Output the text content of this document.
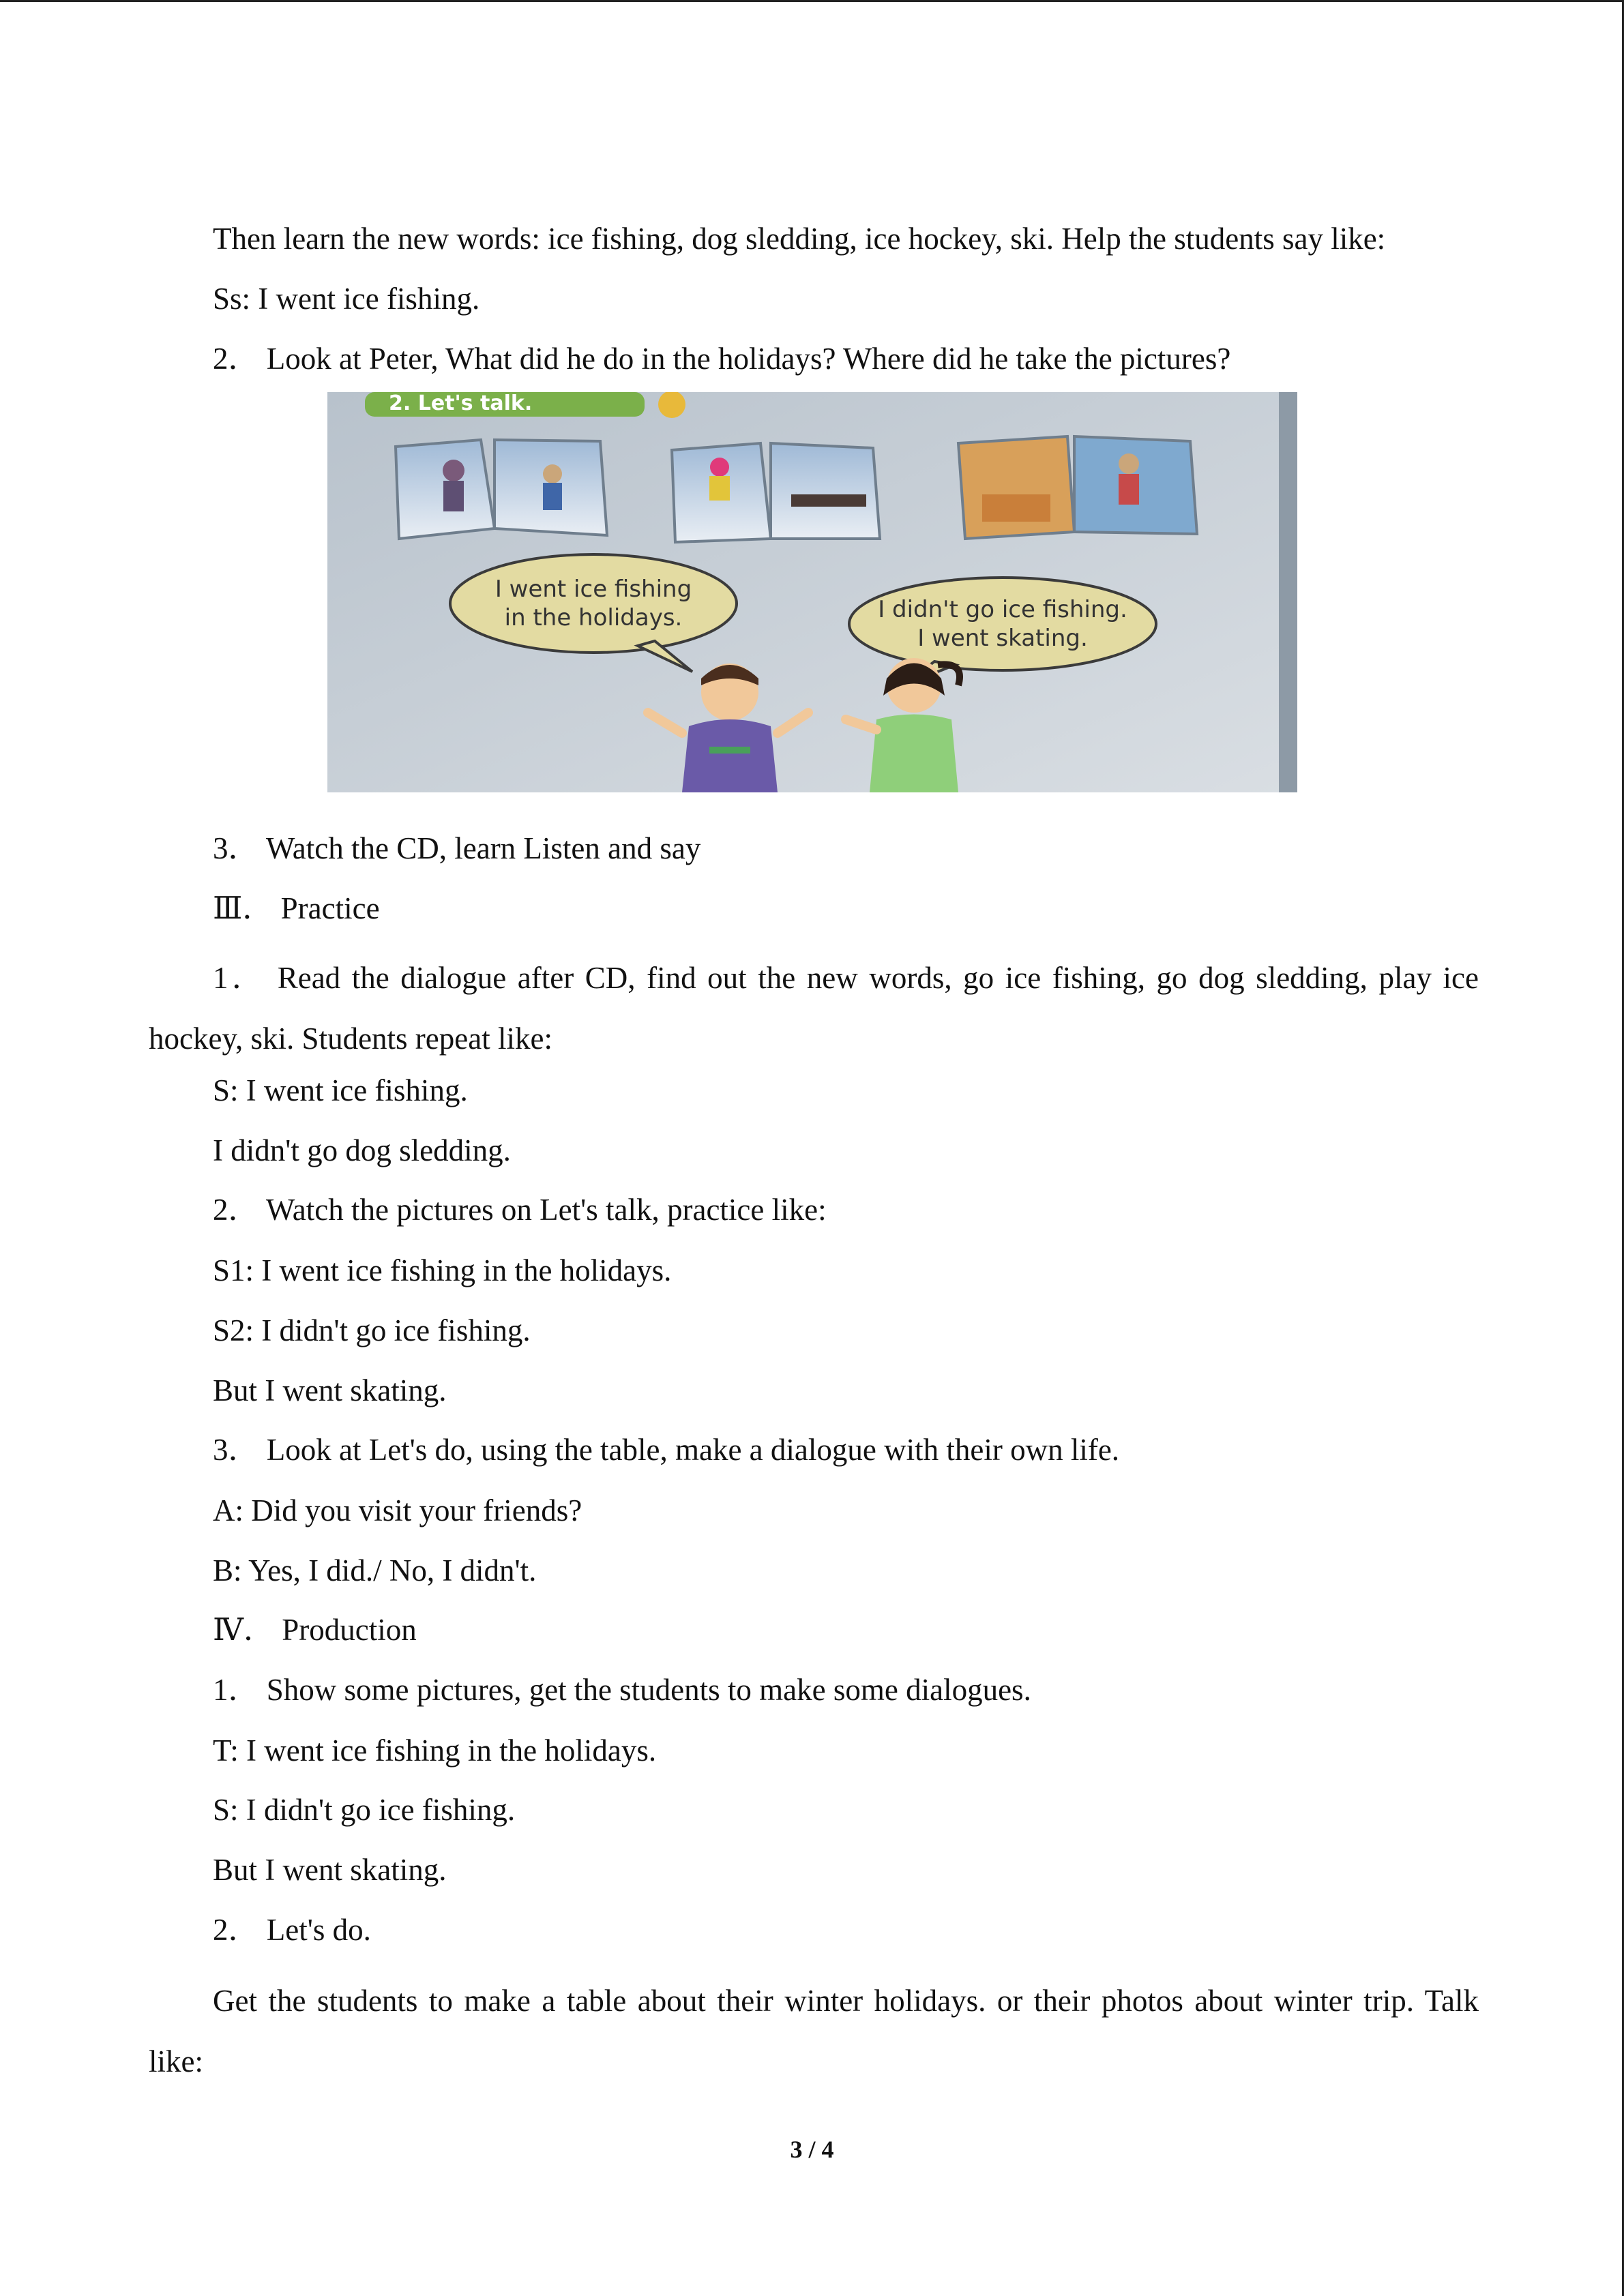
Then learn the new words: ice fishing, dog sledding, ice hockey, ski. Help the students say like:
Ss: I went ice fishing.
2． Look at Peter, What did he do in the holidays? Where did he take the pictures?
2. Let's talk.
I went ice fishing
in the holidays.	I didn't go ice fishing.
I went skating.
3． Watch the CD, learn Listen and say
Ⅲ． Practice
1． Read the dialogue after CD, find out the new words, go ice fishing, go dog sledding, play ice hockey, ski. Students repeat like:
S: I went ice fishing.
I didn't go dog sledding.
2． Watch the pictures on Let's talk, practice like:
S1: I went ice fishing in the holidays.
S2: I didn't go ice fishing.
But I went skating.
3． Look at Let's do, using the table, make a dialogue with their own life.
A: Did you visit your friends?
B: Yes, I did./ No, I didn't.
Ⅳ． Production
1． Show some pictures, get the students to make some dialogues.
T: I went ice fishing in the holidays.
S: I didn't go ice fishing.
But I went skating.
2． Let's do.
Get the students to make a table about their winter holidays. or their photos about winter trip. Talk like:
3 / 4
